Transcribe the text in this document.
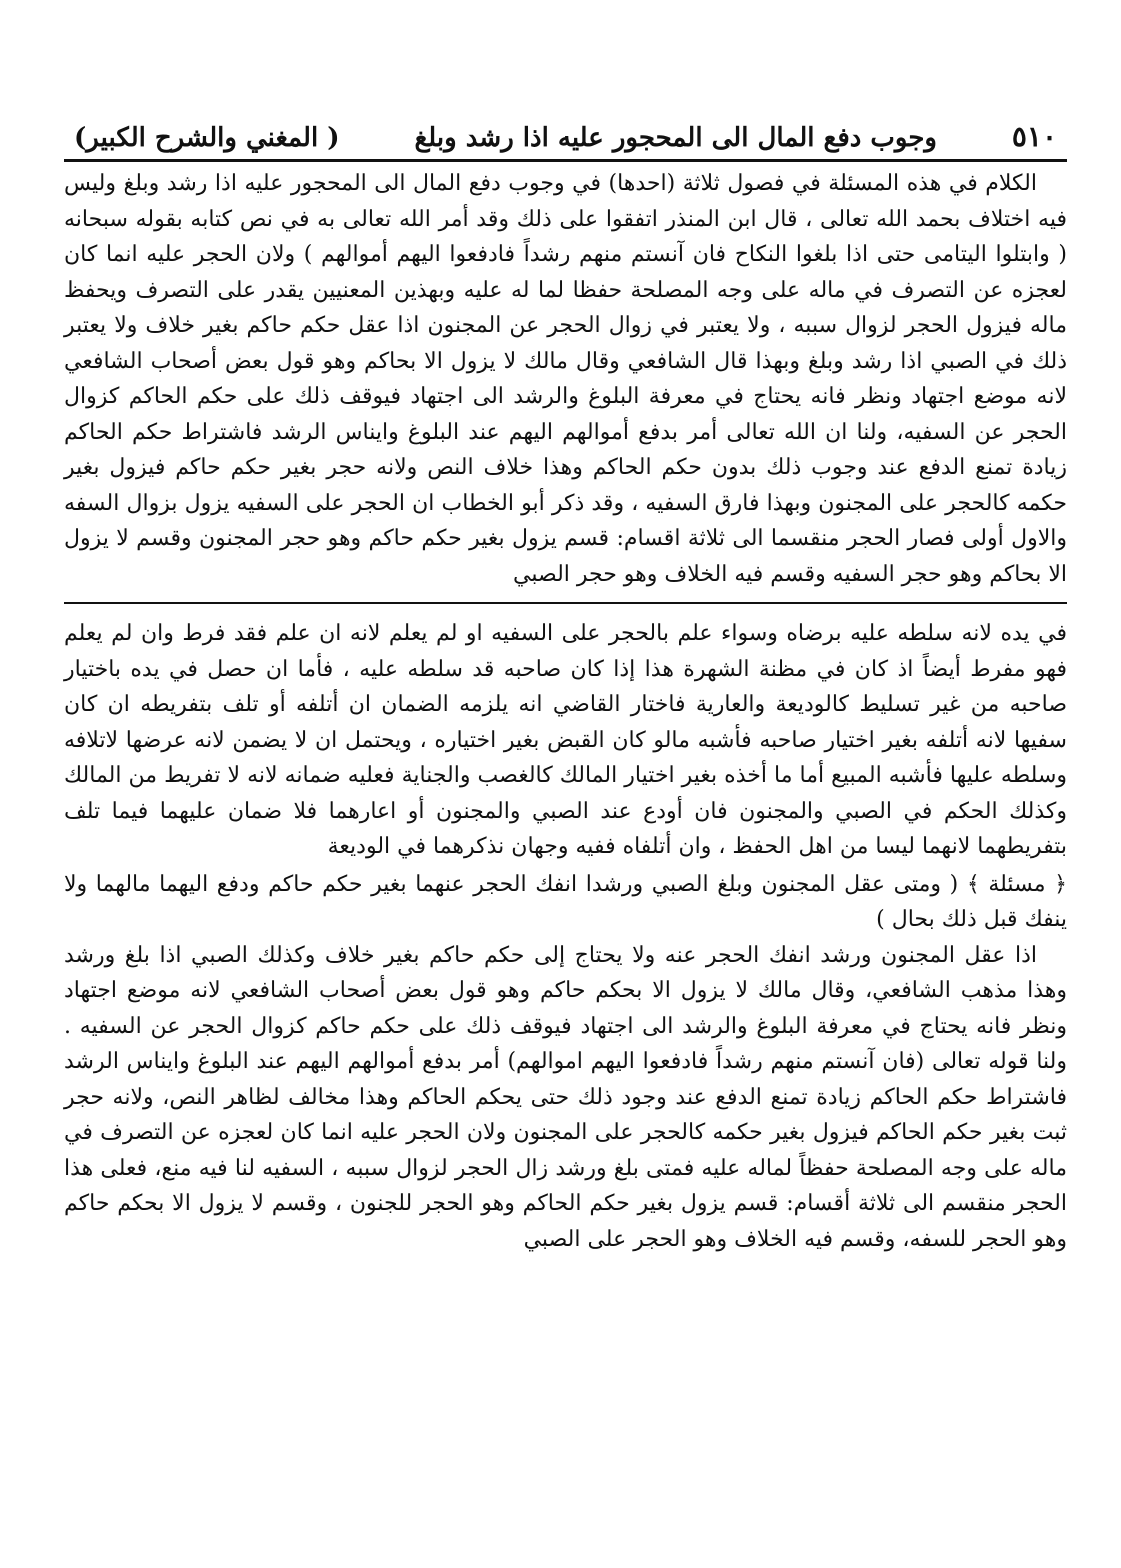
٥١٠
وجوب دفع المال الى المحجور عليه اذا رشد وبلغ
( المغني والشرح الكبير)

الكلام في هذه المسئلة في فصول ثلاثة (احدها) في وجوب دفع المال الى المحجور عليه اذا رشد وبلغ وليس فيه اختلاف بحمد الله تعالى ، قال ابن المنذر اتفقوا على ذلك وقد أمر الله تعالى به في نص كتابه بقوله سبحانه ( وابتلوا اليتامى حتى اذا بلغوا النكاح فان آنستم منهم رشداً فادفعوا اليهم أموالهم ) ولان الحجر عليه انما كان لعجزه عن التصرف في ماله على وجه المصلحة حفظا لما له عليه وبهذين المعنيين يقدر على التصرف ويحفظ ماله فيزول الحجر لزوال سببه ، ولا يعتبر في زوال الحجر عن المجنون اذا عقل حكم حاكم بغير خلاف ولا يعتبر ذلك في الصبي اذا رشد وبلغ وبهذا قال الشافعي وقال مالك لا يزول الا بحاكم وهو قول بعض أصحاب الشافعي لانه موضع اجتهاد ونظر فانه يحتاج في معرفة البلوغ والرشد الى اجتهاد فيوقف ذلك على حكم الحاكم كزوال الحجر عن السفيه، ولنا ان الله تعالى أمر بدفع أموالهم اليهم عند البلوغ وايناس الرشد فاشتراط حكم الحاكم زيادة تمنع الدفع عند وجوب ذلك بدون حكم الحاكم وهذا خلاف النص ولانه حجر بغير حكم حاكم فيزول بغير حكمه كالحجر على المجنون وبهذا فارق السفيه ، وقد ذكر أبو الخطاب ان الحجر على السفيه يزول بزوال السفه والاول أولى فصار الحجر منقسما الى ثلاثة اقسام: قسم يزول بغير حكم حاكم وهو حجر المجنون وقسم لا يزول الا بحاكم وهو حجر السفيه وقسم فيه الخلاف وهو حجر الصبي

في يده لانه سلطه عليه برضاه وسواء علم بالحجر على السفيه او لم يعلم لانه ان علم فقد فرط وان لم يعلم فهو مفرط أيضاً اذ كان في مظنة الشهرة هذا إذا كان صاحبه قد سلطه عليه ، فأما ان حصل في يده باختيار صاحبه من غير تسليط كالوديعة والعارية فاختار القاضي انه يلزمه الضمان ان أتلفه أو تلف بتفريطه ان كان سفيها لانه أتلفه بغير اختيار صاحبه فأشبه مالو كان القبض بغير اختياره ، ويحتمل ان لا يضمن لانه عرضها لاتلافه وسلطه عليها فأشبه المبيع أما ما أخذه بغير اختيار المالك كالغصب والجناية فعليه ضمانه لانه لا تفريط من المالك وكذلك الحكم في الصبي والمجنون فان أودع عند الصبي والمجنون أو اعارهما فلا ضمان عليهما فيما تلف بتفريطهما لانهما ليسا من اهل الحفظ ، وان أتلفاه ففيه وجهان نذكرهما في الوديعة

﴿ مسئلة ﴾ ( ومتى عقل المجنون وبلغ الصبي ورشدا انفك الحجر عنهما بغير حكم حاكم ودفع اليهما مالهما ولا ينفك قبل ذلك بحال )

اذا عقل المجنون ورشد انفك الحجر عنه ولا يحتاج إلى حكم حاكم بغير خلاف وكذلك الصبي اذا بلغ ورشد وهذا مذهب الشافعي، وقال مالك لا يزول الا بحكم حاكم وهو قول بعض أصحاب الشافعي لانه موضع اجتهاد ونظر فانه يحتاج في معرفة البلوغ والرشد الى اجتهاد فيوقف ذلك على حكم حاكم كزوال الحجر عن السفيه . ولنا قوله تعالى (فان آنستم منهم رشداً فادفعوا اليهم اموالهم) أمر بدفع أموالهم اليهم عند البلوغ وايناس الرشد فاشتراط حكم الحاكم زيادة تمنع الدفع عند وجود ذلك حتى يحكم الحاكم وهذا مخالف لظاهر النص، ولانه حجر ثبت بغير حكم الحاكم فيزول بغير حكمه كالحجر على المجنون ولان الحجر عليه انما كان لعجزه عن التصرف في ماله على وجه المصلحة حفظاً لماله عليه فمتى بلغ ورشد زال الحجر لزوال سببه ، السفيه لنا فيه منع، فعلى هذا الحجر منقسم الى ثلاثة أقسام: قسم يزول بغير حكم الحاكم وهو الحجر للجنون ، وقسم لا يزول الا بحكم حاكم وهو الحجر للسفه، وقسم فيه الخلاف وهو الحجر على الصبي
